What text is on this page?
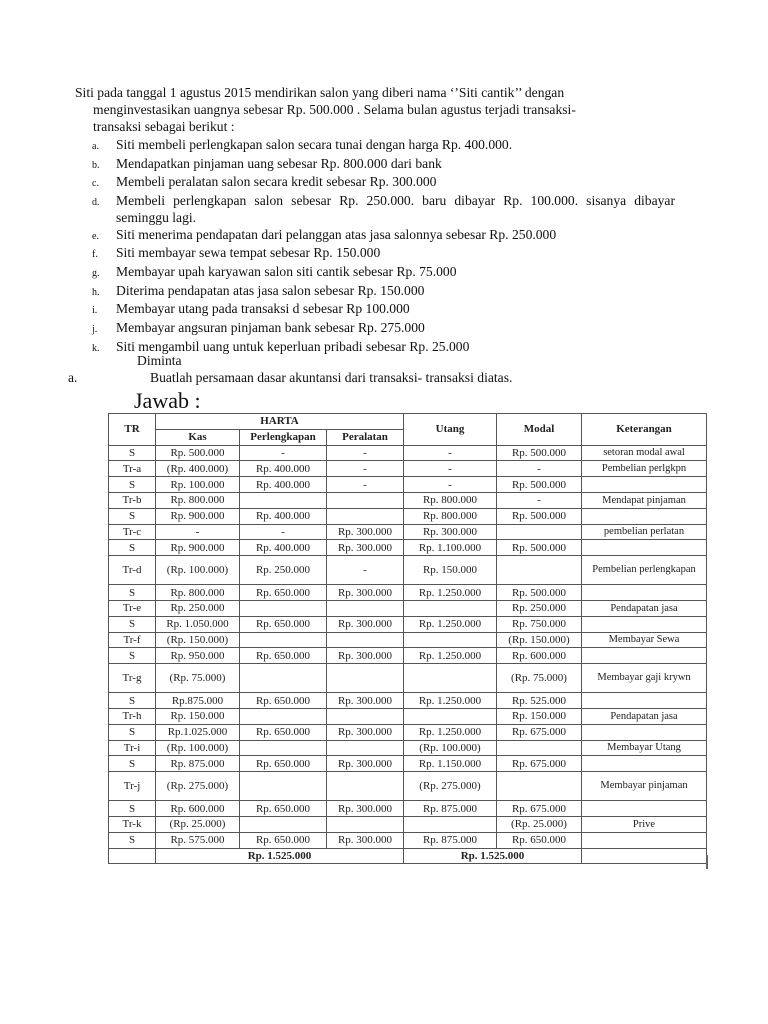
Siti pada tanggal 1 agustus 2015 mendirikan salon yang diberi nama ‘’Siti cantik’’ dengan
menginvestasikan uangnya sebesar Rp. 500.000 . Selama bulan agustus terjadi transaksi-
transaksi sebagai berikut :
a.	Siti membeli perlengkapan salon secara tunai dengan harga Rp. 400.000.
b.	Mendapatkan pinjaman uang sebesar Rp. 800.000 dari bank
c.	Membeli peralatan salon secara kredit sebesar Rp. 300.000
d.	Membeli perlengkapan salon sebesar Rp. 250.000. baru dibayar Rp. 100.000. sisanya dibayar seminggu lagi.
e.	Siti menerima pendapatan dari pelanggan atas jasa salonnya sebesar Rp. 250.000
f.	Siti membayar sewa tempat sebesar Rp. 150.000
g.	Membayar upah karyawan salon siti cantik sebesar Rp. 75.000
h.	Diterima pendapatan atas jasa salon sebesar Rp. 150.000
i.	Membayar utang pada transaksi d sebesar Rp 100.000
j.	Membayar angsuran pinjaman bank sebesar Rp. 275.000
k.	Siti mengambil uang untuk keperluan pribadi sebesar Rp. 25.000
Diminta
a.	Buatlah persamaan dasar akuntansi dari transaksi- transaksi diatas.
Jawab :
TR	HARTA			Utang	Modal	Keterangan
	Kas	Perlengkapan	Peralatan			
S	Rp. 500.000	-	-	-	Rp. 500.000	setoran modal awal
Tr-a	(Rp. 400.000)	Rp. 400.000	-	-	-	Pembelian perlgkpn
S	Rp. 100.000	Rp. 400.000	-	-	Rp. 500.000	
Tr-b	Rp. 800.000			Rp. 800.000	-	Mendapat pinjaman
S	Rp. 900.000	Rp. 400.000		Rp. 800.000	Rp. 500.000	
Tr-c	-	-	Rp. 300.000	Rp. 300.000		pembelian perlatan
S	Rp. 900.000	Rp. 400.000	Rp. 300.000	Rp. 1.100.000	Rp. 500.000	
Tr-d	(Rp. 100.000)	Rp. 250.000	-	Rp. 150.000		Pembelian perlengkapan
S	Rp. 800.000	Rp. 650.000	Rp. 300.000	Rp. 1.250.000	Rp. 500.000	
Tr-e	Rp. 250.000				Rp. 250.000	Pendapatan jasa
S	Rp. 1.050.000	Rp. 650.000	Rp. 300.000	Rp. 1.250.000	Rp. 750.000	
Tr-f	(Rp. 150.000)				(Rp. 150.000)	Membayar Sewa
S	Rp. 950.000	Rp. 650.000	Rp. 300.000	Rp. 1.250.000	Rp. 600.000	
Tr-g	(Rp. 75.000)				(Rp. 75.000)	Membayar gaji krywn
S	Rp.875.000	Rp. 650.000	Rp. 300.000	Rp. 1.250.000	Rp. 525.000	
Tr-h	Rp. 150.000				Rp. 150.000	Pendapatan jasa
S	Rp.1.025.000	Rp. 650.000	Rp. 300.000	Rp. 1.250.000	Rp. 675.000	
Tr-i	(Rp. 100.000)			(Rp. 100.000)		Membayar Utang
S	Rp. 875.000	Rp. 650.000	Rp. 300.000	Rp. 1.150.000	Rp. 675.000	
Tr-j	(Rp. 275.000)			(Rp. 275.000)		Membayar pinjaman
S	Rp. 600.000	Rp. 650.000	Rp. 300.000	Rp. 875.000	Rp. 675.000	
Tr-k	(Rp. 25.000)				(Rp. 25.000)	Prive
S	Rp. 575.000	Rp. 650.000	Rp. 300.000	Rp. 875.000	Rp. 650.000	
	Rp. 1.525.000			Rp. 1.525.000		
